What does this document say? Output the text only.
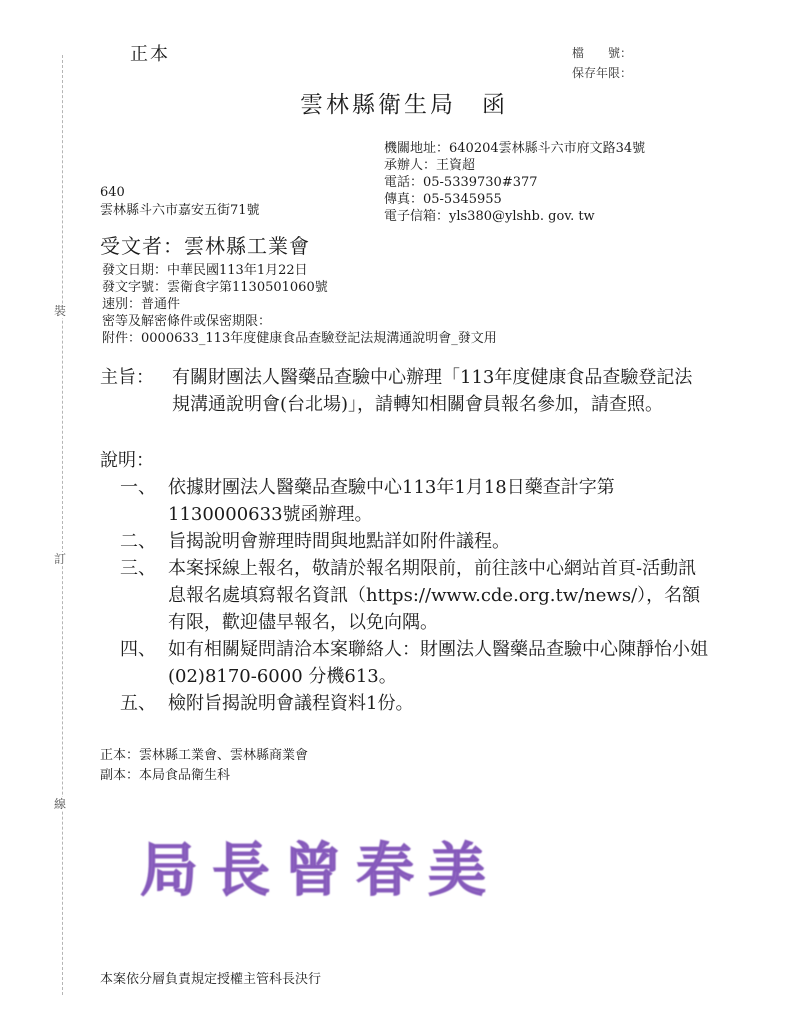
裝
訂
線
正本	檔　　號：
保存年限：
雲林縣衛生局　函
機關地址：640204雲林縣斗六市府文路34號
承辦人：王資超
電話：05-5339730#377
傳真：05-5345955
電子信箱：yls380@ylshb. gov. tw
640
雲林縣斗六市嘉安五街71號
受文者：雲林縣工業會
發文日期：中華民國113年1月22日
發文字號：雲衛食字第1130501060號
速別：普通件
密等及解密條件或保密期限：
附件：0000633_113年度健康食品查驗登記法規溝通說明會_發文用
主旨：	有關財團法人醫藥品查驗中心辦理「113年度健康食品查驗登記法規溝通說明會(台北場)」，請轉知相關會員報名參加，請查照。
說明：
一、 依據財團法人醫藥品查驗中心113年1月18日藥查計字第1130000633號函辦理。
二、 旨揭說明會辦理時間與地點詳如附件議程。
三、 本案採線上報名，敬請於報名期限前，前往該中心網站首頁-活動訊息報名處填寫報名資訊（https://www.cde.org.tw/news/），名額有限，歡迎儘早報名，以免向隅。
四、 如有相關疑問請洽本案聯絡人：財團法人醫藥品查驗中心陳靜怡小姐(02)8170-6000 分機613。
五、 檢附旨揭說明會議程資料1份。
正本：雲林縣工業會、雲林縣商業會
副本：本局食品衛生科
局長曾春美
本案依分層負責規定授權主管科長決行
